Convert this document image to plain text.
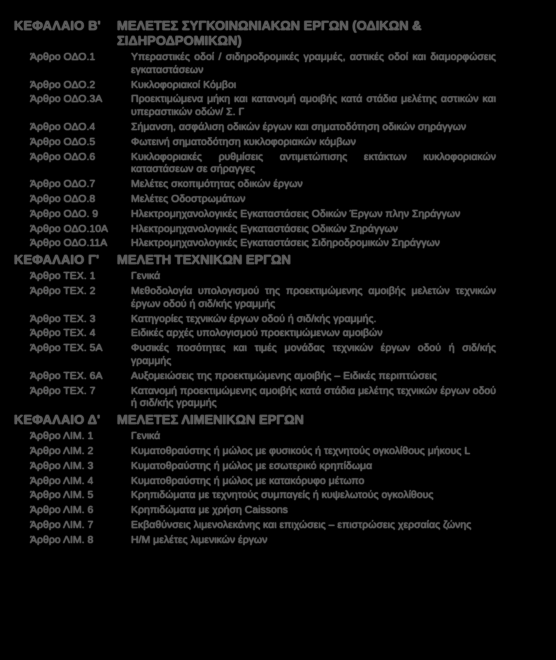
ΚΕΦΑΛΑΙΟ Β'	ΜΕΛΕΤΕΣ ΣΥΓΚΟΙΝΩΝΙΑΚΩΝ ΕΡΓΩΝ (ΟΔΙΚΩΝ & ΣΙΔΗΡΟΔΡΟΜΙΚΩΝ)
Άρθρο ΟΔΟ.1	Υπεραστικές οδοί / σιδηροδρομικές γραμμές, αστικές οδοί και διαμορφώσεις εγκαταστάσεων
Άρθρο ΟΔΟ.2	Κυκλοφοριακοί Κόμβοι
Άρθρο ΟΔΟ.3Α	Προεκτιμώμενα μήκη και κατανομή αμοιβής κατά στάδια μελέτης αστικών και υπεραστικών οδών/ Σ. Γ
Άρθρο ΟΔΟ.4	Σήμανση, ασφάλιση οδικών έργων και σηματοδότηση οδικών σηράγγων
Άρθρο ΟΔΟ.5	Φωτεινή σηματοδότηση κυκλοφοριακών κόμβων
Άρθρο ΟΔΟ.6	Κυκλοφοριακές ρυθμίσεις αντιμετώπισης εκτάκτων κυκλοφοριακών καταστάσεων σε σήραγγες
Άρθρο ΟΔΟ.7	Μελέτες σκοπιμότητας οδικών έργων
Άρθρο ΟΔΟ.8	Μελέτες Οδοστρωμάτων
Άρθρο ΟΔΟ. 9	Ηλεκτρομηχανολογικές Εγκαταστάσεις Οδικών Έργων πλην Σηράγγων
Άρθρο ΟΔΟ.10Α	Ηλεκτρομηχανολογικές Εγκαταστάσεις Οδικών Σηράγγων
Άρθρο ΟΔΟ.11Α	Ηλεκτρομηχανολογικές Εγκαταστάσεις Σιδηροδρομικών Σηράγγων
ΚΕΦΑΛΑΙΟ Γ'	ΜΕΛΕΤΗ ΤΕΧΝΙΚΩΝ ΕΡΓΩΝ
Άρθρο ΤΕΧ. 1	Γενικά
Άρθρο ΤΕΧ. 2	Μεθοδολογία υπολογισμού της προεκτιμώμενης αμοιβής μελετών τεχνικών έργων οδού ή σιδ/κής γραμμής
Άρθρο ΤΕΧ. 3	Κατηγορίες τεχνικών έργων οδού ή σιδ/κής γραμμής.
Άρθρο ΤΕΧ. 4	Ειδικές αρχές υπολογισμού προεκτιμώμενων αμοιβών
Άρθρο ΤΕΧ. 5Α	Φυσικές ποσότητες και τιμές μονάδας τεχνικών έργων οδού ή σιδ/κής γραμμής
Άρθρο ΤΕΧ. 6Α	Αυξομειώσεις της προεκτιμώμενης αμοιβής – Ειδικές περιπτώσεις
Άρθρο ΤΕΧ. 7	Κατανομή προεκτιμώμενης αμοιβής κατά στάδια μελέτης τεχνικών έργων οδού ή σιδ/κής γραμμής
ΚΕΦΑΛΑΙΟ Δ'	ΜΕΛΕΤΕΣ ΛΙΜΕΝΙΚΩΝ ΕΡΓΩΝ
Άρθρο ΛΙΜ. 1	Γενικά
Άρθρο ΛΙΜ. 2	Κυματοθραύστης ή μώλος με φυσικούς ή τεχνητούς ογκολίθους μήκους L
Άρθρο ΛΙΜ. 3	Κυματοθραύστης ή μώλος με εσωτερικό κρηπίδωμα
Άρθρο ΛΙΜ. 4	Κυματοθραύστης ή μώλος με κατακόρυφο μέτωπο
Άρθρο ΛΙΜ. 5	Κρηπιδώματα με τεχνητούς συμπαγείς ή κυψελωτούς ογκολίθους
Άρθρο ΛΙΜ. 6	Κρηπιδώματα με χρήση Caissons
Άρθρο ΛΙΜ. 7	Εκβαθύνσεις λιμενολεκάνης και επιχώσεις – επιστρώσεις χερσαίας ζώνης
Άρθρο ΛΙΜ. 8	Η/Μ μελέτες λιμενικών έργων
